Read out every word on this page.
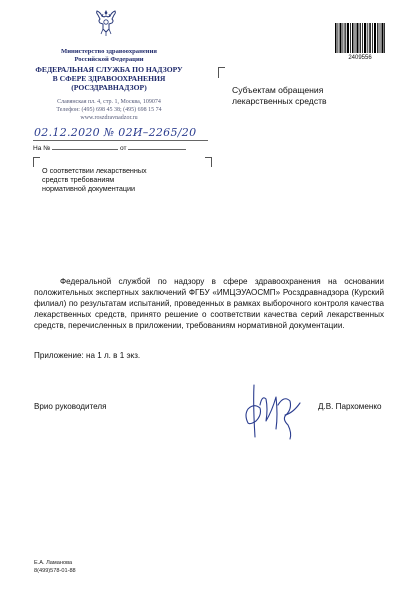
Министерство здравоохранения
Российской Федерации
ФЕДЕРАЛЬНАЯ СЛУЖБА ПО НАДЗОРУ
В СФЕРЕ ЗДРАВООХРАНЕНИЯ
(РОСЗДРАВНАДЗОР)
Славянская пл. 4, стр. 1, Москва, 109074
Телефон: (495) 698 45 38; (495) 698 15 74
www.roszdravnadzor.ru
2409556
Субъектам обращения
лекарственных средств
02.12.2020 № 02И–2265/20
На №	от
О соответствии лекарственных
средств требованиям
нормативной документации
Федеральной службой по надзору в сфере здравоохранения на основании положительных экспертных заключений ФГБУ «ИМЦЭУАОСМП» Росздравнадзора (Курский филиал) по результатам испытаний, проведенных в рамках выборочного контроля качества лекарственных средств, принято решение о соответствии качества серий лекарственных средств, перечисленных в приложении, требованиям нормативной документации.
Приложение: на 1 л. в 1 экз.
Врио руководителя	Д.В. Пархоменко
Е.А. Ламанова
8(499)578-01-88
